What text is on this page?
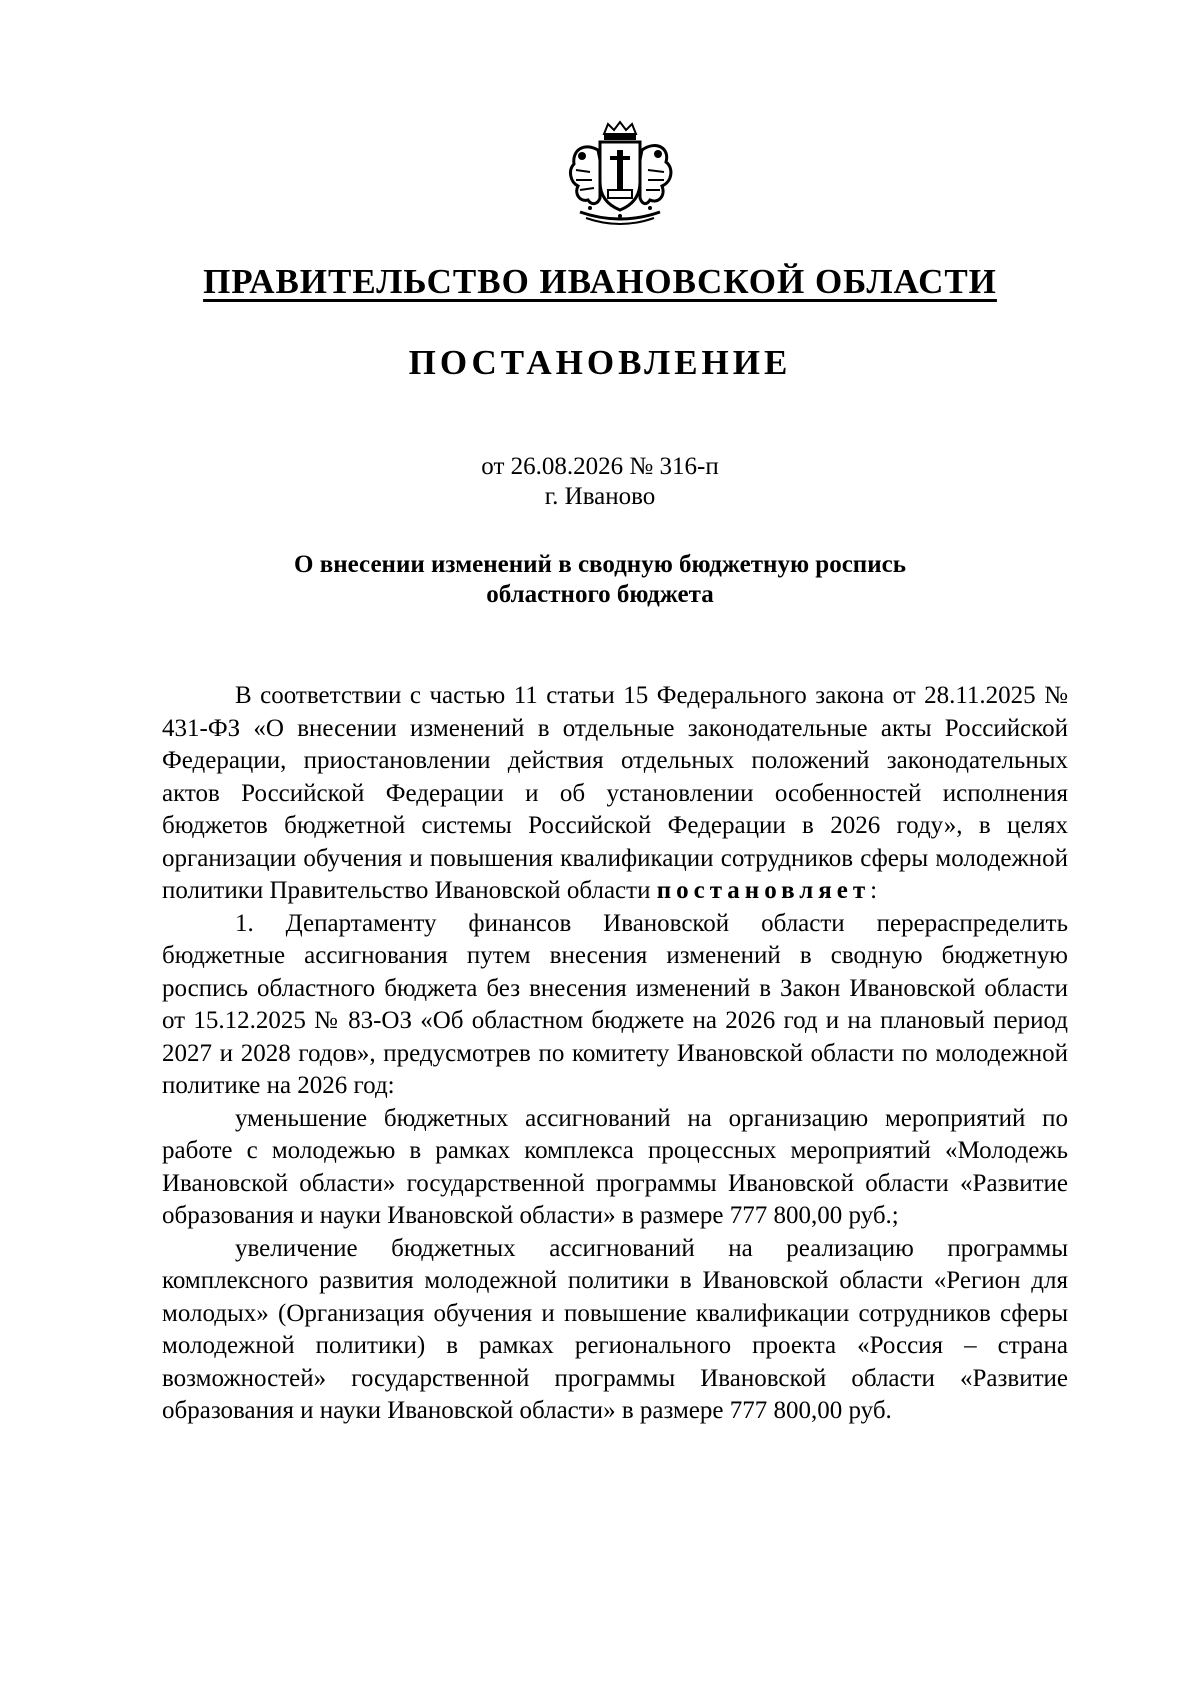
ПРАВИТЕЛЬСТВО ИВАНОВСКОЙ ОБЛАСТИ
ПОСТАНОВЛЕНИЕ
от 26.08.2026 № 316-п
г. Иваново
О внесении изменений в сводную бюджетную роспись
областного бюджета

В соответствии с частью 11 статьи 15 Федерального закона от 28.11.2025 № 431-ФЗ «О внесении изменений в отдельные законодательные акты Российской Федерации, приостановлении действия отдельных положений законодательных актов Российской Федерации и об установлении особенностей исполнения бюджетов бюджетной системы Российской Федерации в 2026 году», в целях организации обучения и повышения квалификации сотрудников сферы молодежной политики Правительство Ивановской области постановляет:

1. Департаменту финансов Ивановской области перераспределить бюджетные ассигнования путем внесения изменений в сводную бюджетную роспись областного бюджета без внесения изменений в Закон Ивановской области от 15.12.2025 № 83-ОЗ «Об областном бюджете на 2026 год и на плановый период 2027 и 2028 годов», предусмотрев по комитету Ивановской области по молодежной политике на 2026 год:

уменьшение бюджетных ассигнований на организацию мероприятий по работе с молодежью в рамках комплекса процессных мероприятий «Молодежь Ивановской области» государственной программы Ивановской области «Развитие образования и науки Ивановской области» в размере 777 800,00 руб.;

увеличение бюджетных ассигнований на реализацию программы комплексного развития молодежной политики в Ивановской области «Регион для молодых» (Организация обучения и повышение квалификации сотрудников сферы молодежной политики) в рамках регионального проекта «Россия – страна возможностей» государственной программы Ивановской области «Развитие образования и науки Ивановской области» в размере 777 800,00 руб.
